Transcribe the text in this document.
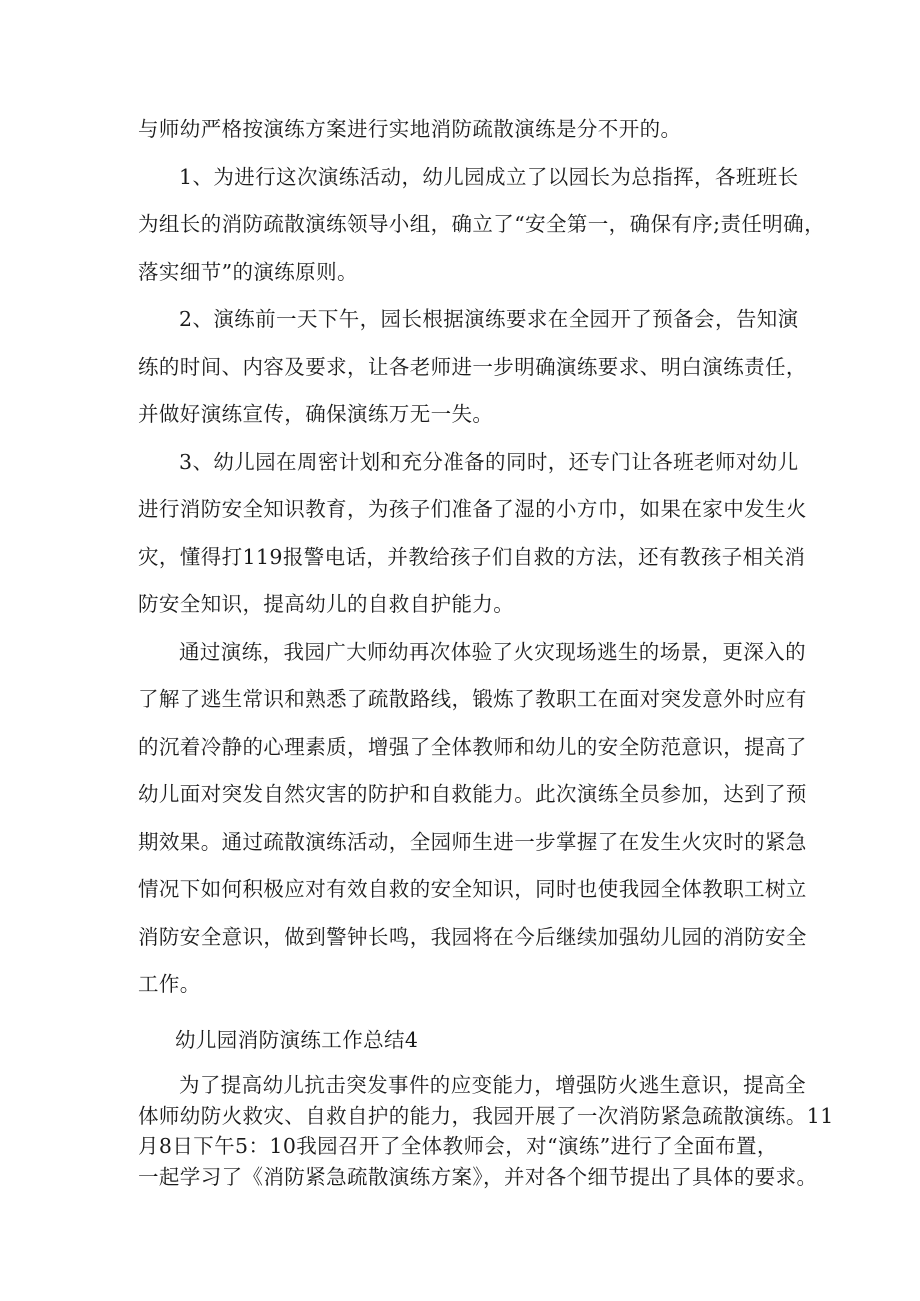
与师幼严格按演练方案进行实地消防疏散演练是分不开的。
1、为进行这次演练活动，幼儿园成立了以园长为总指挥，各班班长
为组长的消防疏散演练领导小组，确立了“安全第一，确保有序;责任明确，
落实细节”的演练原则。
2、演练前一天下午，园长根据演练要求在全园开了预备会，告知演
练的时间、内容及要求，让各老师进一步明确演练要求、明白演练责任，
并做好演练宣传，确保演练万无一失。
3、幼儿园在周密计划和充分准备的同时，还专门让各班老师对幼儿
进行消防安全知识教育，为孩子们准备了湿的小方巾，如果在家中发生火
灾，懂得打119报警电话，并教给孩子们自救的方法，还有教孩子相关消
防安全知识，提高幼儿的自救自护能力。
通过演练，我园广大师幼再次体验了火灾现场逃生的场景，更深入的
了解了逃生常识和熟悉了疏散路线，锻炼了教职工在面对突发意外时应有
的沉着冷静的心理素质，增强了全体教师和幼儿的安全防范意识，提高了
幼儿面对突发自然灾害的防护和自救能力。此次演练全员参加，达到了预
期效果。通过疏散演练活动，全园师生进一步掌握了在发生火灾时的紧急
情况下如何积极应对有效自救的安全知识，同时也使我园全体教职工树立
消防安全意识，做到警钟长鸣，我园将在今后继续加强幼儿园的消防安全
工作。
幼儿园消防演练工作总结4
为了提高幼儿抗击突发事件的应变能力，增强防火逃生意识，提高全
体师幼防火救灾、自救自护的能力，我园开展了一次消防紧急疏散演练。11
月8日下午5：10我园召开了全体教师会，对“演练”进行了全面布置，
一起学习了《消防紧急疏散演练方案》，并对各个细节提出了具体的要求。
